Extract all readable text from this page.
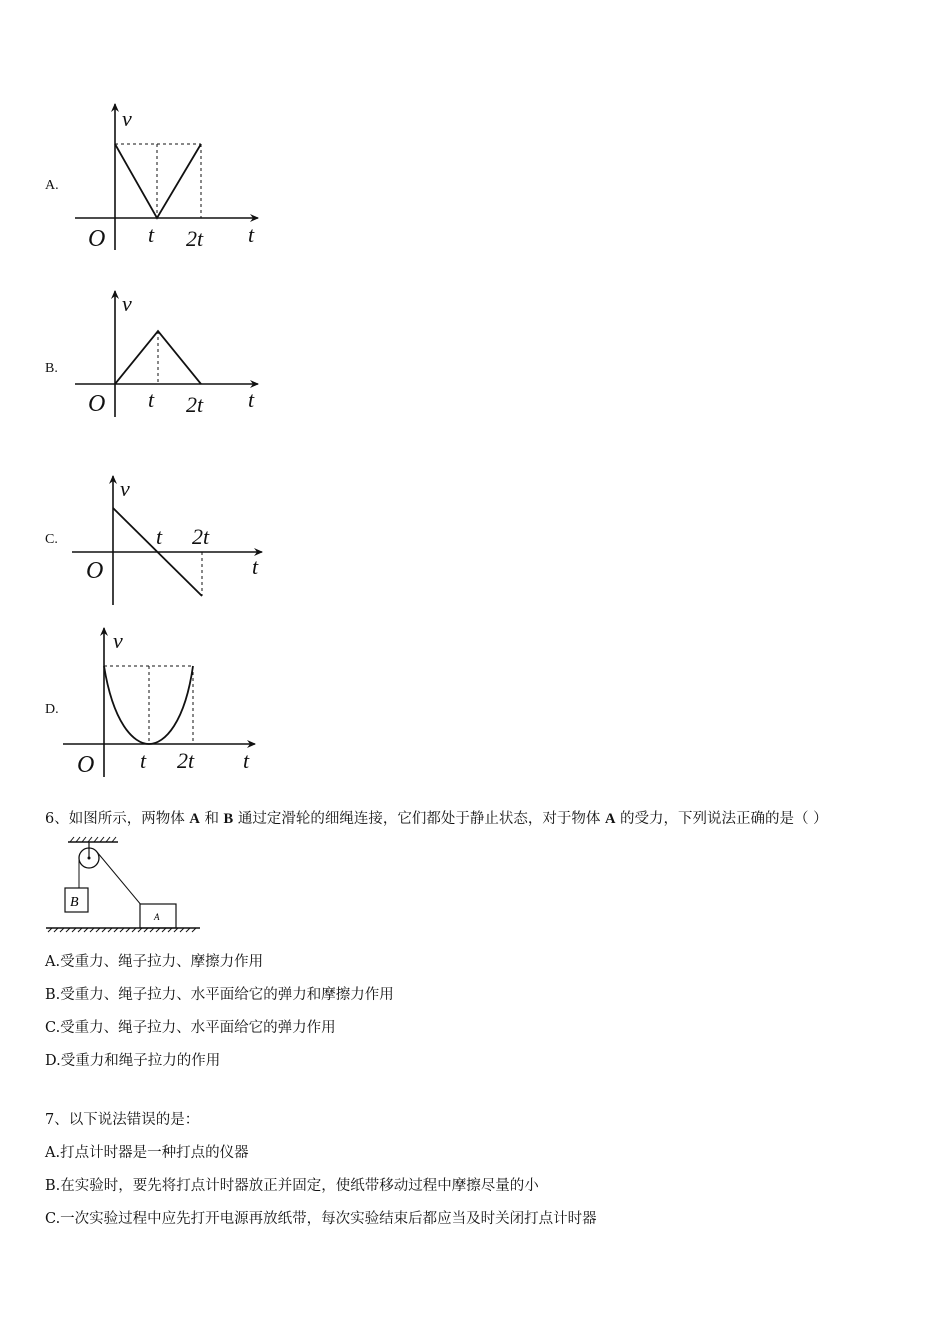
A.
v
t
O t 2t
B.
v
t
O t 2t
C.
v
t
O
t 2t
D.
v
t
O t 2t
6、如图所示，两物体 A 和 B 通过定滑轮的细绳连接，它们都处于静止状态，对于物体 A 的受力，下列说法正确的是（ ）
B
A
A.受重力、绳子拉力、摩擦力作用
B.受重力、绳子拉力、水平面给它的弹力和摩擦力作用
C.受重力、绳子拉力、水平面给它的弹力作用
D.受重力和绳子拉力的作用
7、以下说法错误的是：
A.打点计时器是一种打点的仪器
B.在实验时，要先将打点计时器放正并固定，使纸带移动过程中摩擦尽量的小
C.一次实验过程中应先打开电源再放纸带，每次实验结束后都应当及时关闭打点计时器
